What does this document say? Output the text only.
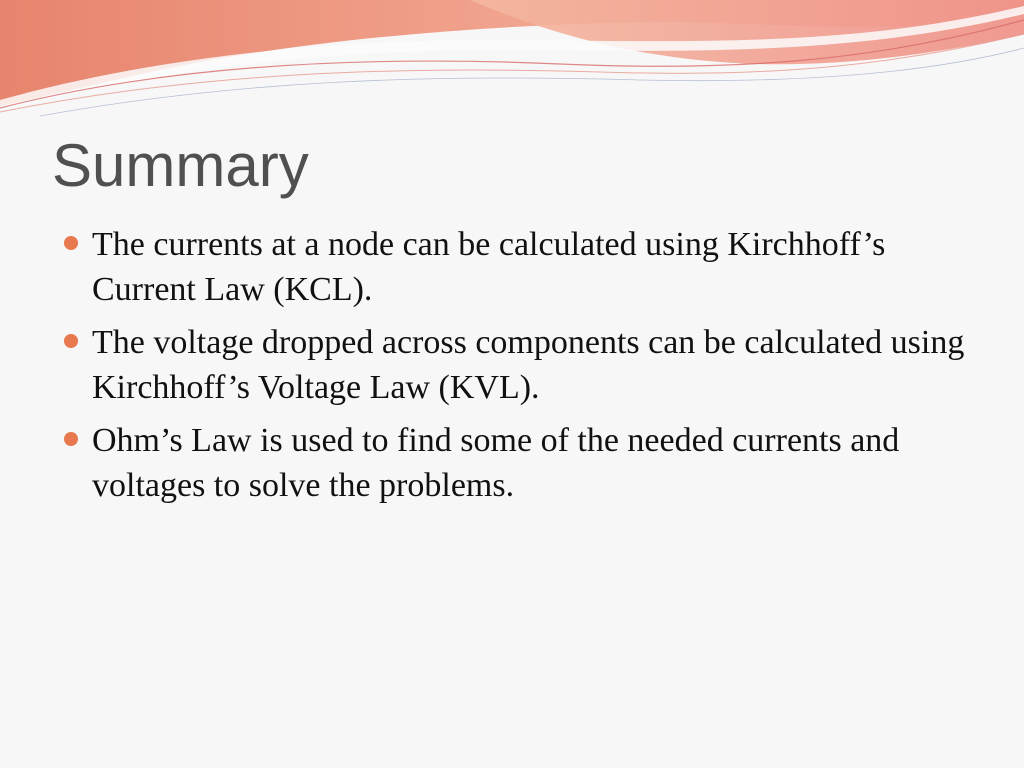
Summary
The currents at a node can be calculated using Kirchhoff’s Current Law (KCL).
The voltage dropped across components can be calculated using Kirchhoff’s Voltage Law (KVL).
Ohm’s Law is used to find some of the needed currents and voltages to solve the problems.
